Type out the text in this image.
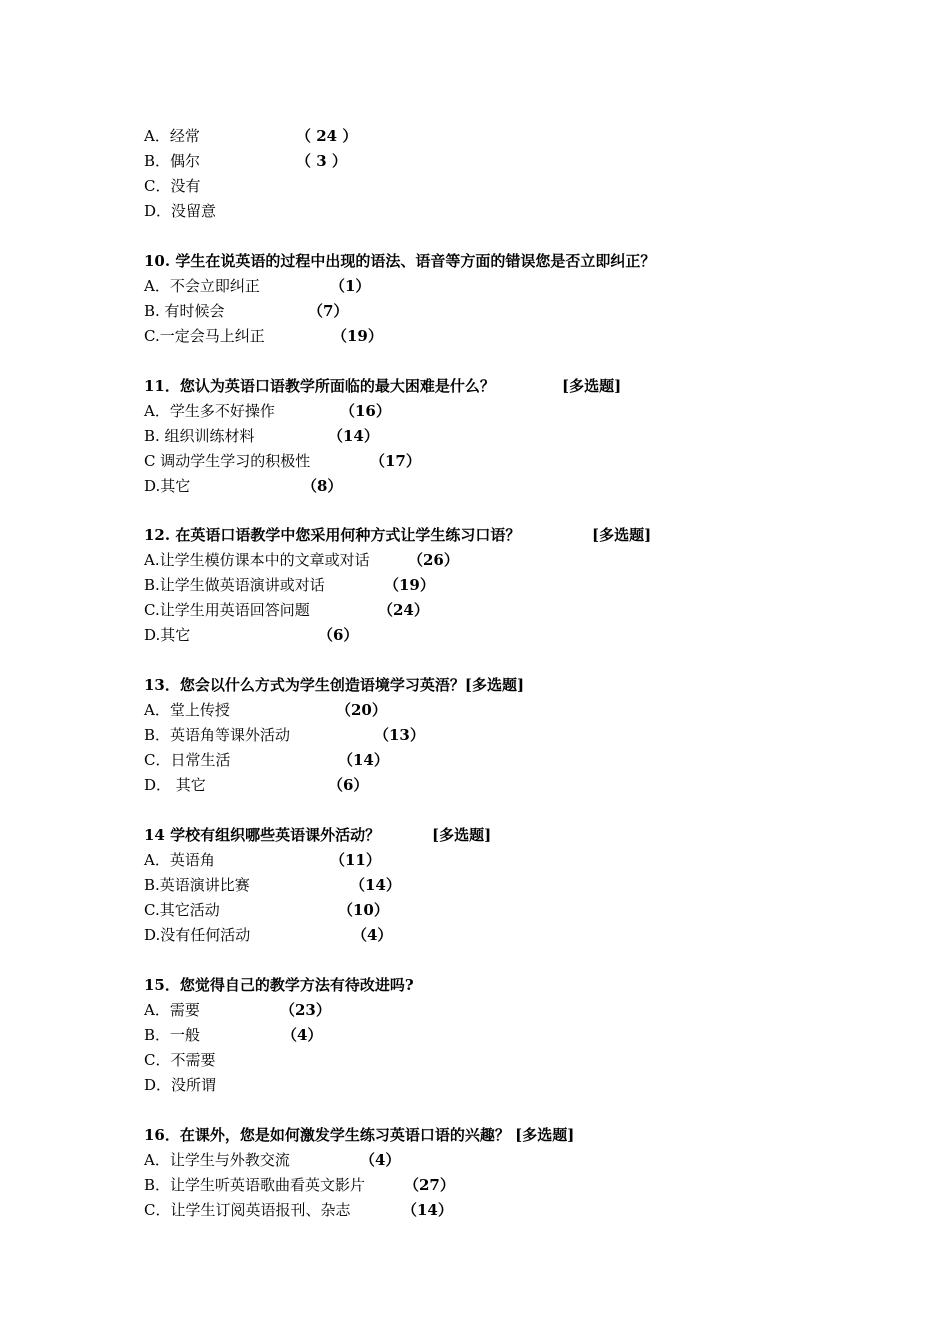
A．经常	（ 24 ）
B．偶尔	（ 3 ）
C．没有
D．没留意
10. 学生在说英语的过程中出现的语法、语音等方面的错误您是否立即纠正？
A．不会立即纠正	（1）
B. 有时候会	（7）
C.一定会马上纠正	（19）
11．您认为英语口语教学所面临的最大困难是什么？	[多选题]
A．学生多不好操作	（16）
B. 组织训练材料	（14）
C 调动学生学习的积极性	（17）
D.其它	（8）
12. 在英语口语教学中您采用何种方式让学生练习口语？	[多选题]
A.让学生模仿课本中的文章或对话	（26）
B.让学生做英语演讲或对话	（19）
C.让学生用英语回答问题	（24）
D.其它	（6）
13．您会以什么方式为学生创造语境学习英浯？[多选题]
A．堂上传授	（20）
B．英语角等课外活动	（13）
C．日常生活	（14）
D． 其它	（6）
14 学校有组织哪些英语课外活动？	[多选题]
A．英语角	（11）
B.英语演讲比赛	（14）
C.其它活动	（10）
D.没有任何活动	（4）
15．您觉得自己的教学方法有待改进吗?
A．需要	（23）
B．一般	（4）
C．不需要
D．没所谓
16．在课外，您是如何激发学生练习英语口语的兴趣？ [多选题]
A．让学生与外教交流	（4）
B．让学生听英语歌曲看英文影片	（27）
C．让学生订阅英语报刊、杂志	（14）
